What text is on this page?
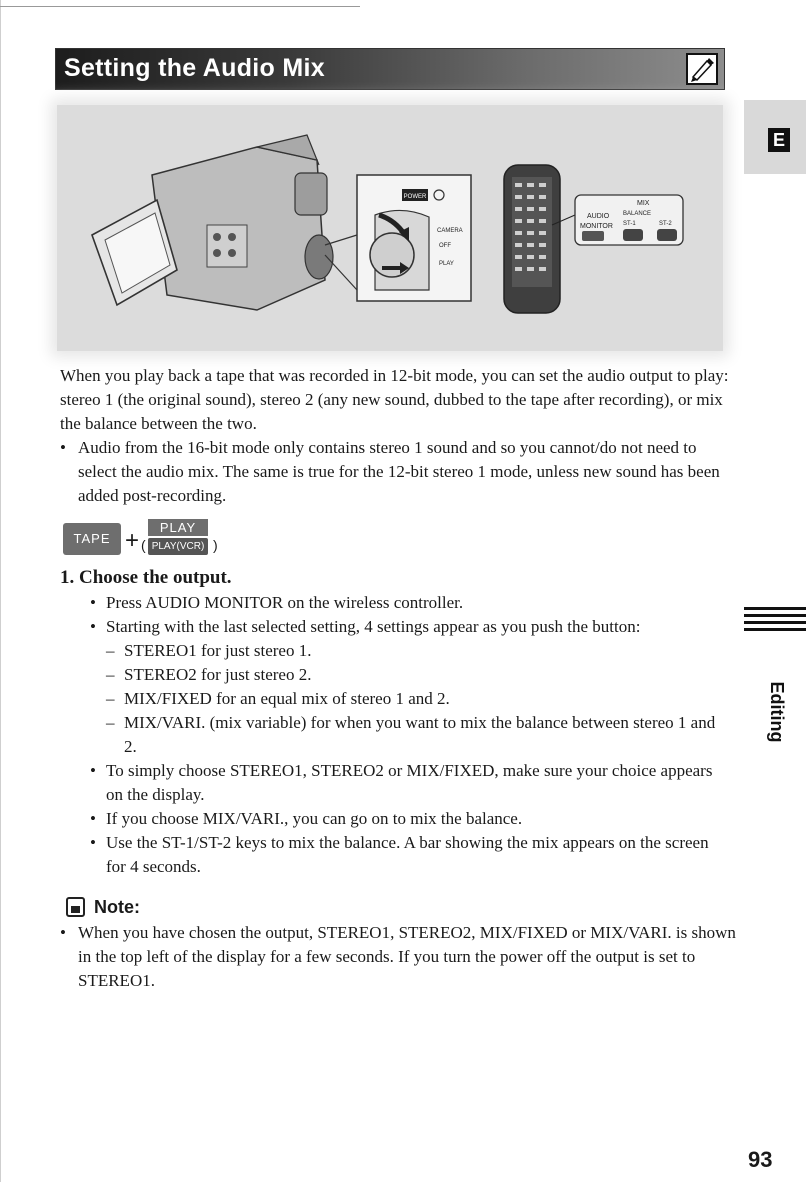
Setting the Audio Mix
E
POWER
CAMERA
OFF
PLAY
AUDIO
MONITOR
MIX
BALANCE
ST-1	ST-2

When you play back a tape that was recorded in 12-bit mode, you can set the audio output to play: stereo 1 (the original sound), stereo 2 (any new sound, dubbed to the tape after recording), or mix the balance between the two.

• Audio from the 16-bit mode only contains stereo 1 sound and so you cannot/do not need to select the audio mix. The same is true for the 12-bit stereo 1 mode, unless new sound has been added post-recording.
TAPE + (
PLAY
PLAY(VCR) )
1. Choose the output.
• Press AUDIO MONITOR on the wireless controller.
• Starting with the last selected setting, 4 settings appear as you push the button:
– STEREO1 for just stereo 1.
– STEREO2 for just stereo 2.
– MIX/FIXED for an equal mix of stereo 1 and 2.
– MIX/VARI. (mix variable) for when you want to mix the balance between stereo 1 and 2.
• To simply choose STEREO1, STEREO2 or MIX/FIXED, make sure your choice appears on the display.
• If you choose MIX/VARI., you can go on to mix the balance.
• Use the ST-1/ST-2 keys to mix the balance. A bar showing the mix appears on the screen for 4 seconds.
Note:
• When you have chosen the output, STEREO1, STEREO2, MIX/FIXED or MIX/VARI. is shown in the top left of the display for a few seconds. If you turn the power off the output is set to STEREO1.
Editing
93
